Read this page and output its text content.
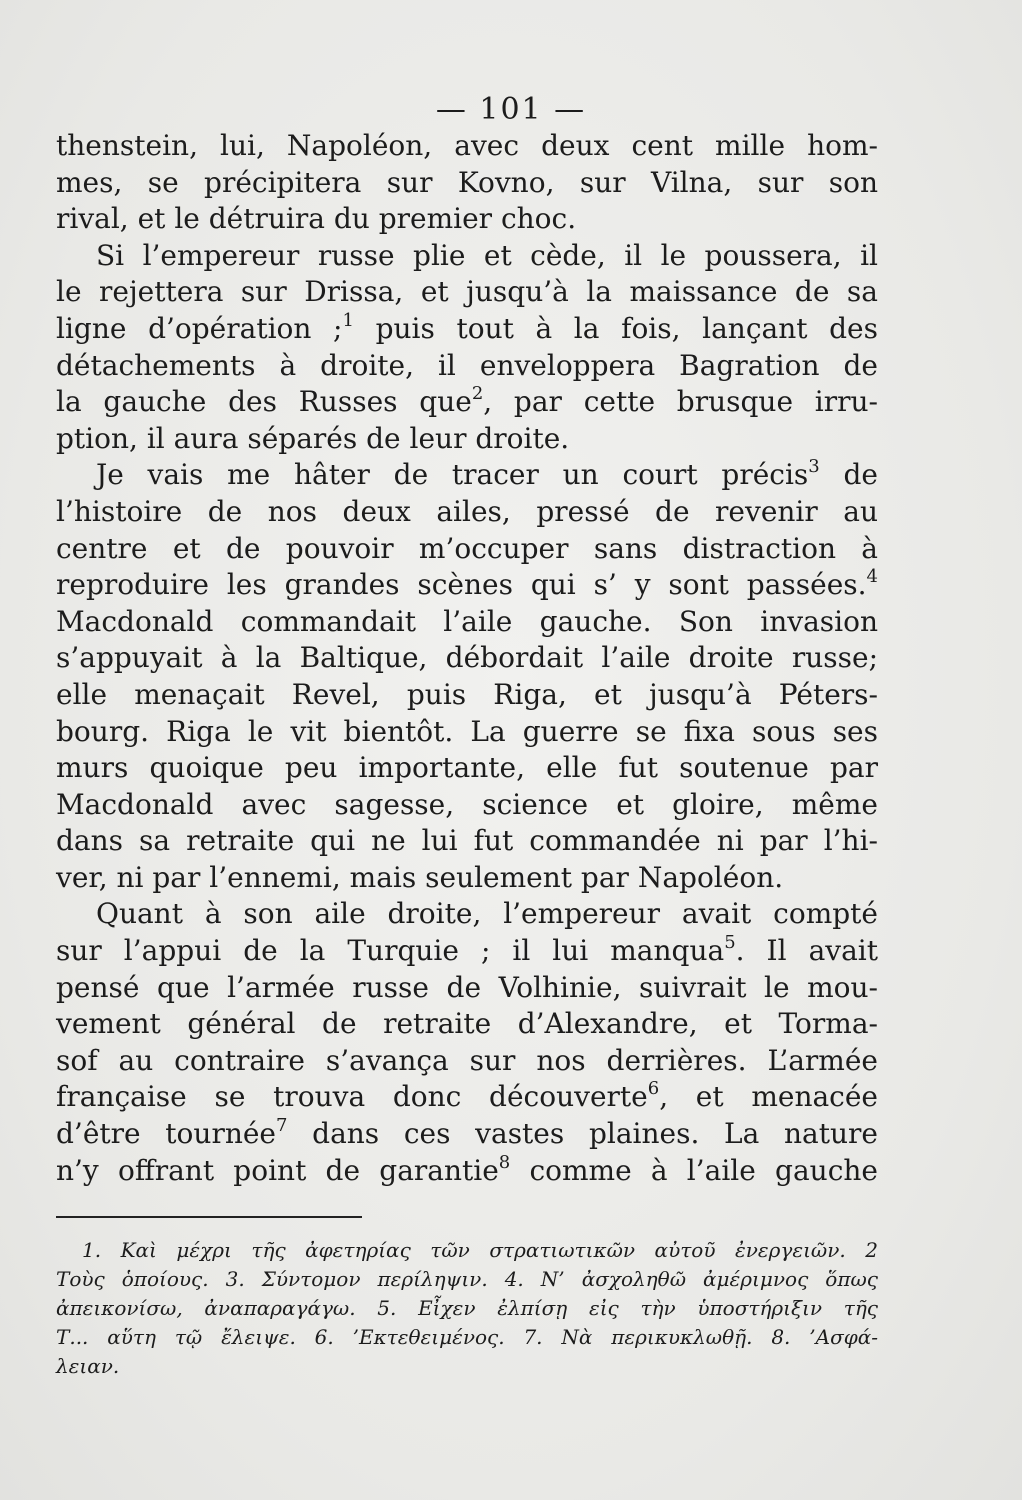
— 101 —
thenstein, lui, Napoléon, avec deux cent mille hom-
mes, se précipitera sur Kovno, sur Vilna, sur son
rival, et le détruira du premier choc.
Si l’empereur russe plie et cède, il le poussera, il
le rejettera sur Drissa, et jusqu’à la maissance de sa
ligne d’opération ;$^1$ puis tout à la fois, lançant des
détachements à droite, il enveloppera Bagration de
la gauche des Russes que$^2$, par cette brusque irru-
ption, il aura séparés de leur droite.
Je vais me hâter de tracer un court précis$^3$ de
l’histoire de nos deux ailes, pressé de revenir au
centre et de pouvoir m’occuper sans distraction à
reproduire les grandes scènes qui s’ y sont passées.$^4$
Macdonald commandait l’aile gauche. Son invasion
s’appuyait à la Baltique, débordait l’aile droite russe;
elle menaçait Revel, puis Riga, et jusqu’à Péters-
bourg. Riga le vit bientôt. La guerre se fixa sous ses
murs quoique peu importante, elle fut soutenue par
Macdonald avec sagesse, science et gloire, même
dans sa retraite qui ne lui fut commandée ni par l’hi-
ver, ni par l’ennemi, mais seulement par Napoléon.
Quant à son aile droite, l’empereur avait compté
sur l’appui de la Turquie ; il lui manqua$^5$. Il avait
pensé que l’armée russe de Volhinie, suivrait le mou-
vement général de retraite d’Alexandre, et Torma-
sof au contraire s’avança sur nos derrières. L’armée
française se trouva donc découverte$^6$, et menacée
d’être tournée$^7$ dans ces vastes plaines. La nature
n’y offrant point de garantie$^8$ comme à l’aile gauche
1. Καὶ μέχρι τῆς ἀφετηρίας τῶν στρατιωτικῶν αὐτοῦ ἐνεργειῶν. 2
Τοὺς ὁποίους. 3. Σύντομον περίληψιν. 4. Ν’ ἀσχοληθῶ ἀμέριμνος ὅπως
ἀπεικονίσω, ἀναπαραγάγω. 5. Εἶχεν ἐλπίσῃ εἰς τὴν ὑποστήριξιν τῆς
Τ... αὕτη τῷ ἔλειψε. 6. ’Εκτεθειμένος. 7. Νὰ περικυκλωθῇ. 8. ’Ασφά-
λειαν.
